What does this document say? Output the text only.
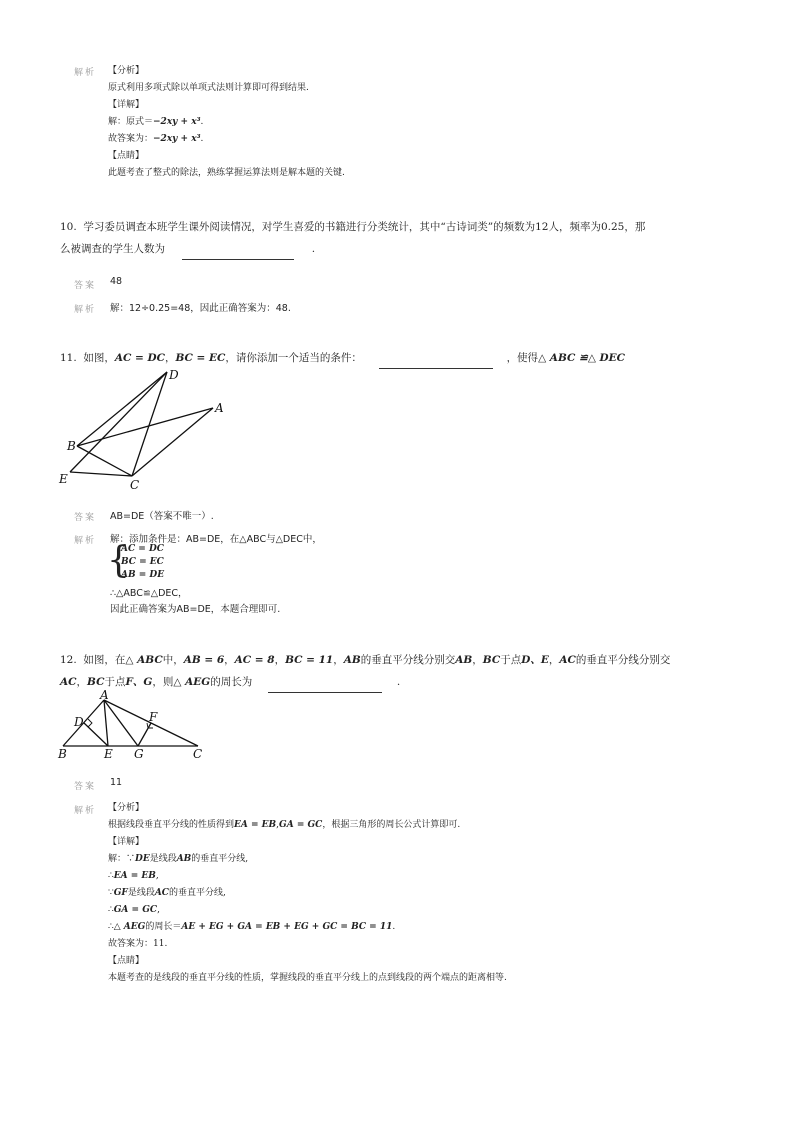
解析 【分析】
原式利用多项式除以单项式法则计算即可得到结果.
【详解】
解：原式＝−2xy + x³.
故答案为：−2xy + x³.
【点睛】
此题考查了整式的除法，熟练掌握运算法则是解本题的关键.
10. 学习委员调查本班学生课外阅读情况，对学生喜爱的书籍进行分类统计，其中“古诗词类”的频数为12人，频率为0.25，那
么被调查的学生人数为	.
答案 48
解析 解：12÷0.25=48，因此正确答案为：48.
11. 如图，AC = DC，BC = EC，请你添加一个适当的条件：	，使得△ ABC ≌△ DEC
D
A
B
E	C
答案 AB=DE（答案不唯一）.
解析 解：添加条件是：AB=DE，在△ABC与△DEC中，
{
AC = DC
BC = EC
AB = DE
∴△ABC≌△DEC，
因此正确答案为AB=DE，本题合理即可.
12. 如图，在△ ABC中，AB = 6，AC = 8，BC = 11，AB的垂直平分线分别交AB，BC于点D、E，AC的垂直平分线分别交
AC，BC于点F、G，则△ AEG的周长为	.
A
D	F
B	E G	C
答案 11
解析 【分析】
根据线段垂直平分线的性质得到EA = EB,GA = GC，根据三角形的周长公式计算即可.
【详解】
解：∵DE是线段AB的垂直平分线,
∴EA = EB,
∵GF是线段AC的垂直平分线,
∴GA = GC,
∴△ AEG的周长＝AE + EG + GA = EB + EG + GC = BC = 11.
故答案为：11.
【点睛】
本题考查的是线段的垂直平分线的性质，掌握线段的垂直平分线上的点到线段的两个端点的距离相等.
